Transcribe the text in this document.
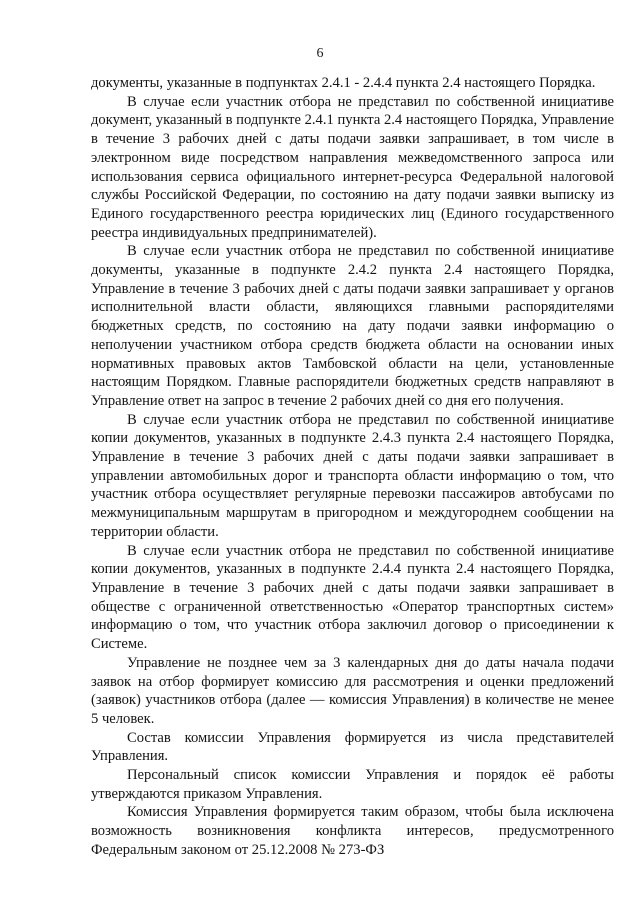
6

документы, указанные в подпунктах 2.4.1 - 2.4.4 пункта 2.4 настоящего Порядка.

В случае если участник отбора не представил по собственной инициативе документ, указанный в подпункте 2.4.1 пункта 2.4 настоящего Порядка, Управление в течение 3 рабочих дней с даты подачи заявки запрашивает, в том числе в электронном виде посредством направления межведомственного запроса или использования сервиса официального интернет-ресурса Федеральной налоговой службы Российской Федерации, по состоянию на дату подачи заявки выписку из Единого государственного реестра юридических лиц (Единого государственного реестра индивидуальных предпринимателей).

В случае если участник отбора не представил по собственной инициативе документы, указанные в подпункте 2.4.2 пункта 2.4 настоящего Порядка, Управление в течение 3 рабочих дней с даты подачи заявки запрашивает у органов исполнительной власти области, являющихся главными распорядителями бюджетных средств, по состоянию на дату подачи заявки информацию о неполучении участником отбора средств бюджета области на основании иных нормативных правовых актов Тамбовской области на цели, установленные настоящим Порядком. Главные распорядители бюджетных средств направляют в Управление ответ на запрос в течение 2 рабочих дней со дня его получения.

В случае если участник отбора не представил по собственной инициативе копии документов, указанных в подпункте 2.4.3 пункта 2.4 настоящего Порядка, Управление в течение 3 рабочих дней с даты подачи заявки запрашивает в управлении автомобильных дорог и транспорта области информацию о том, что участник отбора осуществляет регулярные перевозки пассажиров автобусами по межмуниципальным маршрутам в пригородном и междугороднем сообщении на территории области.

В случае если участник отбора не представил по собственной инициативе копии документов, указанных в подпункте 2.4.4 пункта 2.4 настоящего Порядка, Управление в течение 3 рабочих дней с даты подачи заявки запрашивает в обществе с ограниченной ответственностью «Оператор транспортных систем» информацию о том, что участник отбора заключил договор о присоединении к Системе.

Управление не позднее чем за 3 календарных дня до даты начала подачи заявок на отбор формирует комиссию для рассмотрения и оценки предложений (заявок) участников отбора (далее — комиссия Управления) в количестве не менее 5 человек.

Состав комиссии Управления формируется из числа представителей Управления.

Персональный список комиссии Управления и порядок её работы утверждаются приказом Управления.

Комиссия Управления формируется таким образом, чтобы была исключена возможность возникновения конфликта интересов, предусмотренного Федеральным законом от 25.12.2008 № 273-ФЗ
